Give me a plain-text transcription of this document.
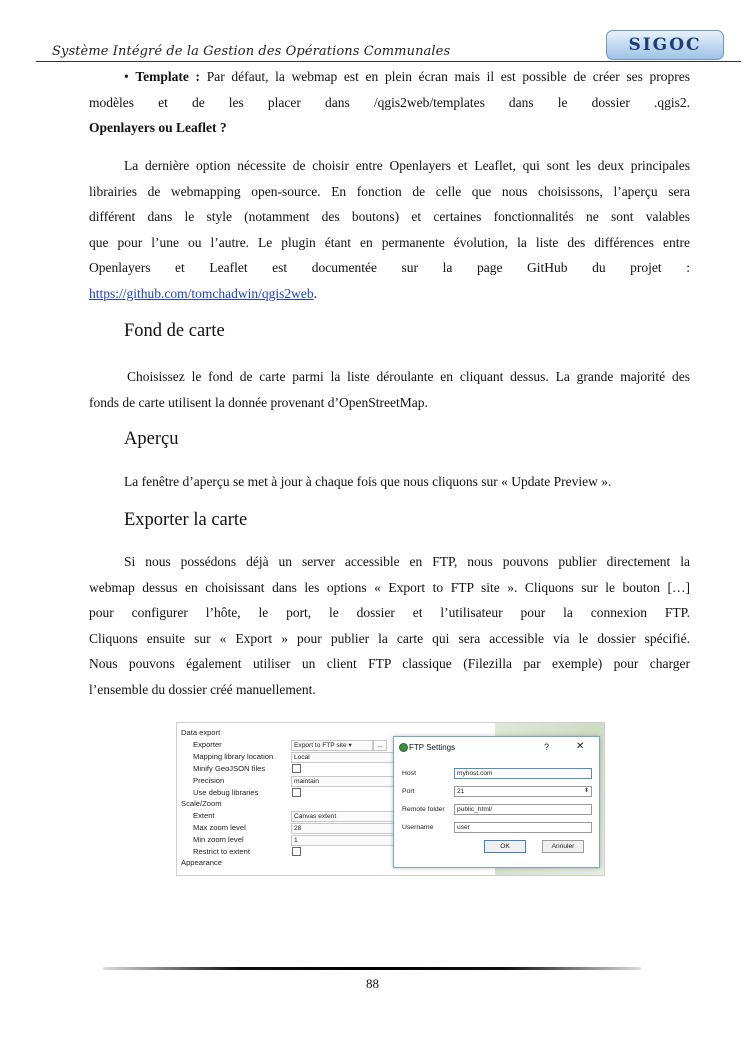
Système Intégré de la Gestion des Opérations Communales	SIGOC
• Template : Par défaut, la webmap est en plein écran mais il est possible de créer ses propres
modèles et de les placer dans /qgis2web/templates dans le dossier .qgis2.
Openlayers ou Leaflet ?
La dernière option nécessite de choisir entre Openlayers et Leaflet, qui sont les deux principales
librairies de webmapping open-source. En fonction de celle que nous choisissons, l’aperçu sera
différent dans le style (notamment des boutons) et certaines fonctionnalités ne sont valables
que pour l’une ou l’autre. Le plugin étant en permanente évolution, la liste des différences entre
Openlayers et Leaflet est documentée sur la page GitHub du projet :
https://github.com/tomchadwin/qgis2web.
Fond de carte
Choisissez le fond de carte parmi la liste déroulante en cliquant dessus. La grande majorité des
fonds de carte utilisent la donnée provenant d’OpenStreetMap.
Aperçu
La fenêtre d’aperçu se met à jour à chaque fois que nous cliquons sur « Update Preview ».
Exporter la carte
Si nous possédons déjà un server accessible en FTP, nous pouvons publier directement la
webmap dessus en choisissant dans les options « Export to FTP site ». Cliquons sur le bouton […]
pour configurer l’hôte, le port, le dossier et l’utilisateur pour la connexion FTP.
Cliquons ensuite sur « Export » pour publier la carte qui sera accessible via le dossier spécifié.
Nous pouvons également utiliser un client FTP classique (Filezilla par exemple) pour charger
l’ensemble du dossier créé manuellement.
Data export
Exporter	Export to FTP site ▾	...
Mapping library location	Local
Minify GeoJSON files
Precision	maintain
Use debug libraries
Scale/Zoom
Extent	Canvas extent
Max zoom level	28
Min zoom level	1
Restrict to extent
Appearance
FTP Settings	?	✕
Host	myhost.com
Port	21	⬍
Remote folder	public_html/
Username	user
OK	Annuler
88
